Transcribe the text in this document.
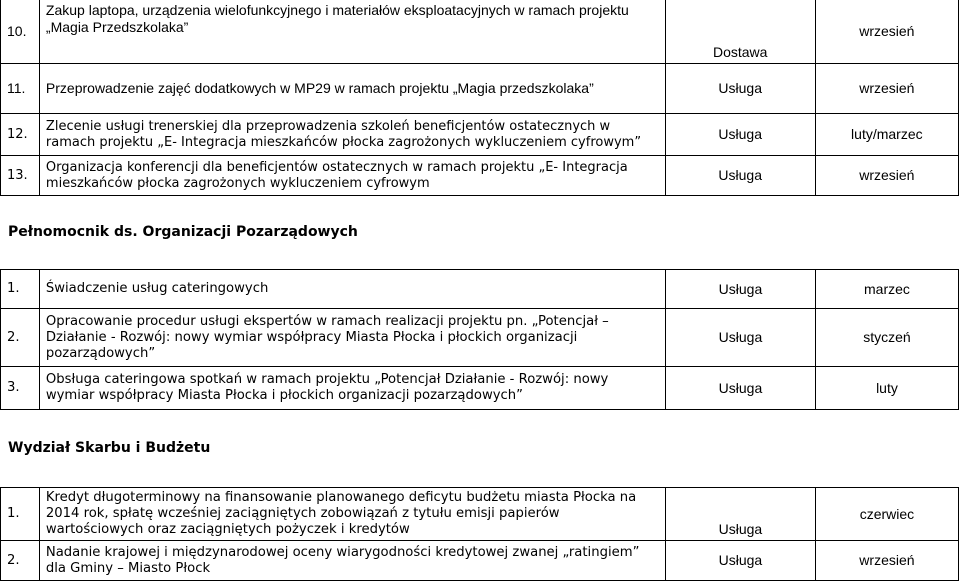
10.	Zakup laptopa, urządzenia wielofunkcyjnego i materiałów eksploatacyjnych w ramach projektu „Magia Przedszkolaka”	Dostawa	wrzesień
11.	Przeprowadzenie zajęć dodatkowych w MP29 w ramach projektu „Magia przedszkolaka”	Usługa	wrzesień
12.	Zlecenie usługi trenerskiej dla przeprowadzenia szkoleń beneficjentów ostatecznych w ramach projektu „E- Integracja mieszkańców płocka zagrożonych wykluczeniem cyfrowym”	Usługa	luty/marzec
13.	Organizacja konferencji dla beneficjentów ostatecznych w ramach projektu „E- Integracja mieszkańców płocka zagrożonych wykluczeniem cyfrowym	Usługa	wrzesień
Pełnomocnik ds. Organizacji Pozarządowych
1.	Świadczenie usług cateringowych	Usługa	marzec
2.	Opracowanie procedur usługi ekspertów w ramach realizacji projektu pn. „Potencjał – Działanie - Rozwój: nowy wymiar współpracy Miasta Płocka i płockich organizacji pozarządowych”	Usługa	styczeń
3.	Obsługa cateringowa spotkań w ramach projektu „Potencjał Działanie - Rozwój: nowy wymiar współpracy Miasta Płocka i płockich organizacji pozarządowych”	Usługa	luty
Wydział Skarbu i Budżetu
1.	Kredyt długoterminowy na finansowanie planowanego deficytu budżetu miasta Płocka na 2014 rok, spłatę wcześniej zaciągniętych zobowiązań z tytułu emisji papierów wartościowych oraz zaciągniętych pożyczek i kredytów	Usługa	czerwiec
2.	Nadanie krajowej i międzynarodowej oceny wiarygodności kredytowej zwanej „ratingiem” dla Gminy – Miasto Płock	Usługa	wrzesień
